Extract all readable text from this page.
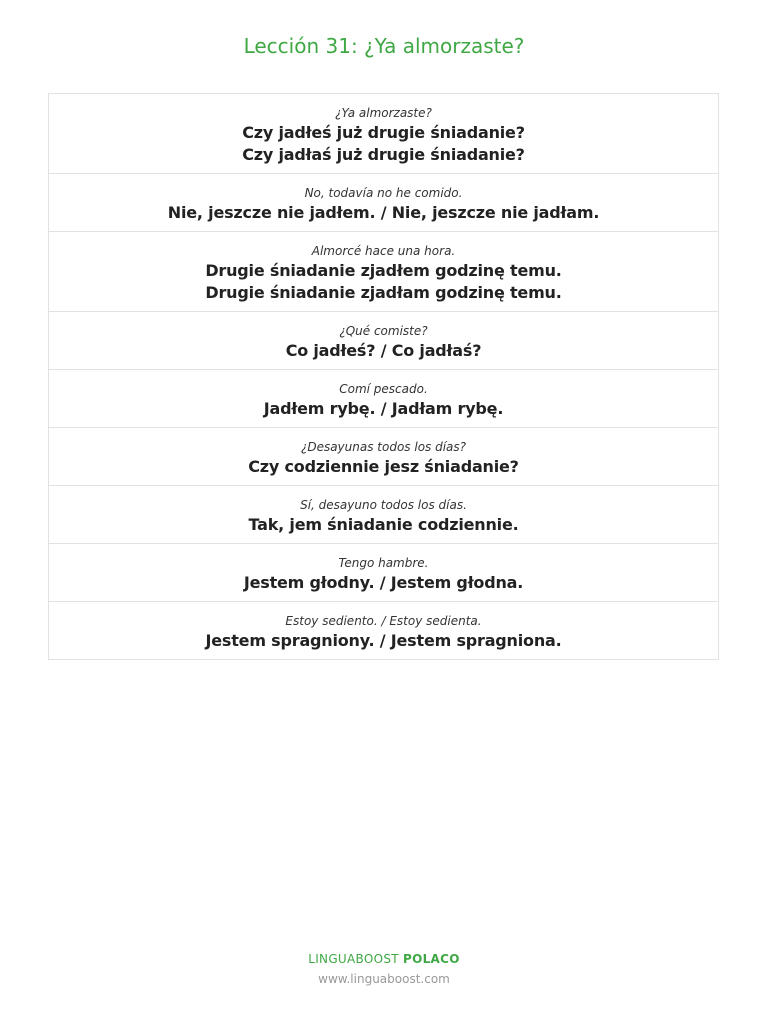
Lección 31: ¿Ya almorzaste?
¿Ya almorzaste?
Czy jadłeś już drugie śniadanie?
Czy jadłaś już drugie śniadanie?
No, todavía no he comido.
Nie, jeszcze nie jadłem. / Nie, jeszcze nie jadłam.
Almorcé hace una hora.
Drugie śniadanie zjadłem godzinę temu.
Drugie śniadanie zjadłam godzinę temu.
¿Qué comiste?
Co jadłeś? / Co jadłaś?
Comí pescado.
Jadłem rybę. / Jadłam rybę.
¿Desayunas todos los días?
Czy codziennie jesz śniadanie?
Sí, desayuno todos los días.
Tak, jem śniadanie codziennie.
Tengo hambre.
Jestem głodny. / Jestem głodna.
Estoy sediento. / Estoy sedienta.
Jestem spragniony. / Jestem spragniona.
LINGUABOOST POLACO
www.linguaboost.com
